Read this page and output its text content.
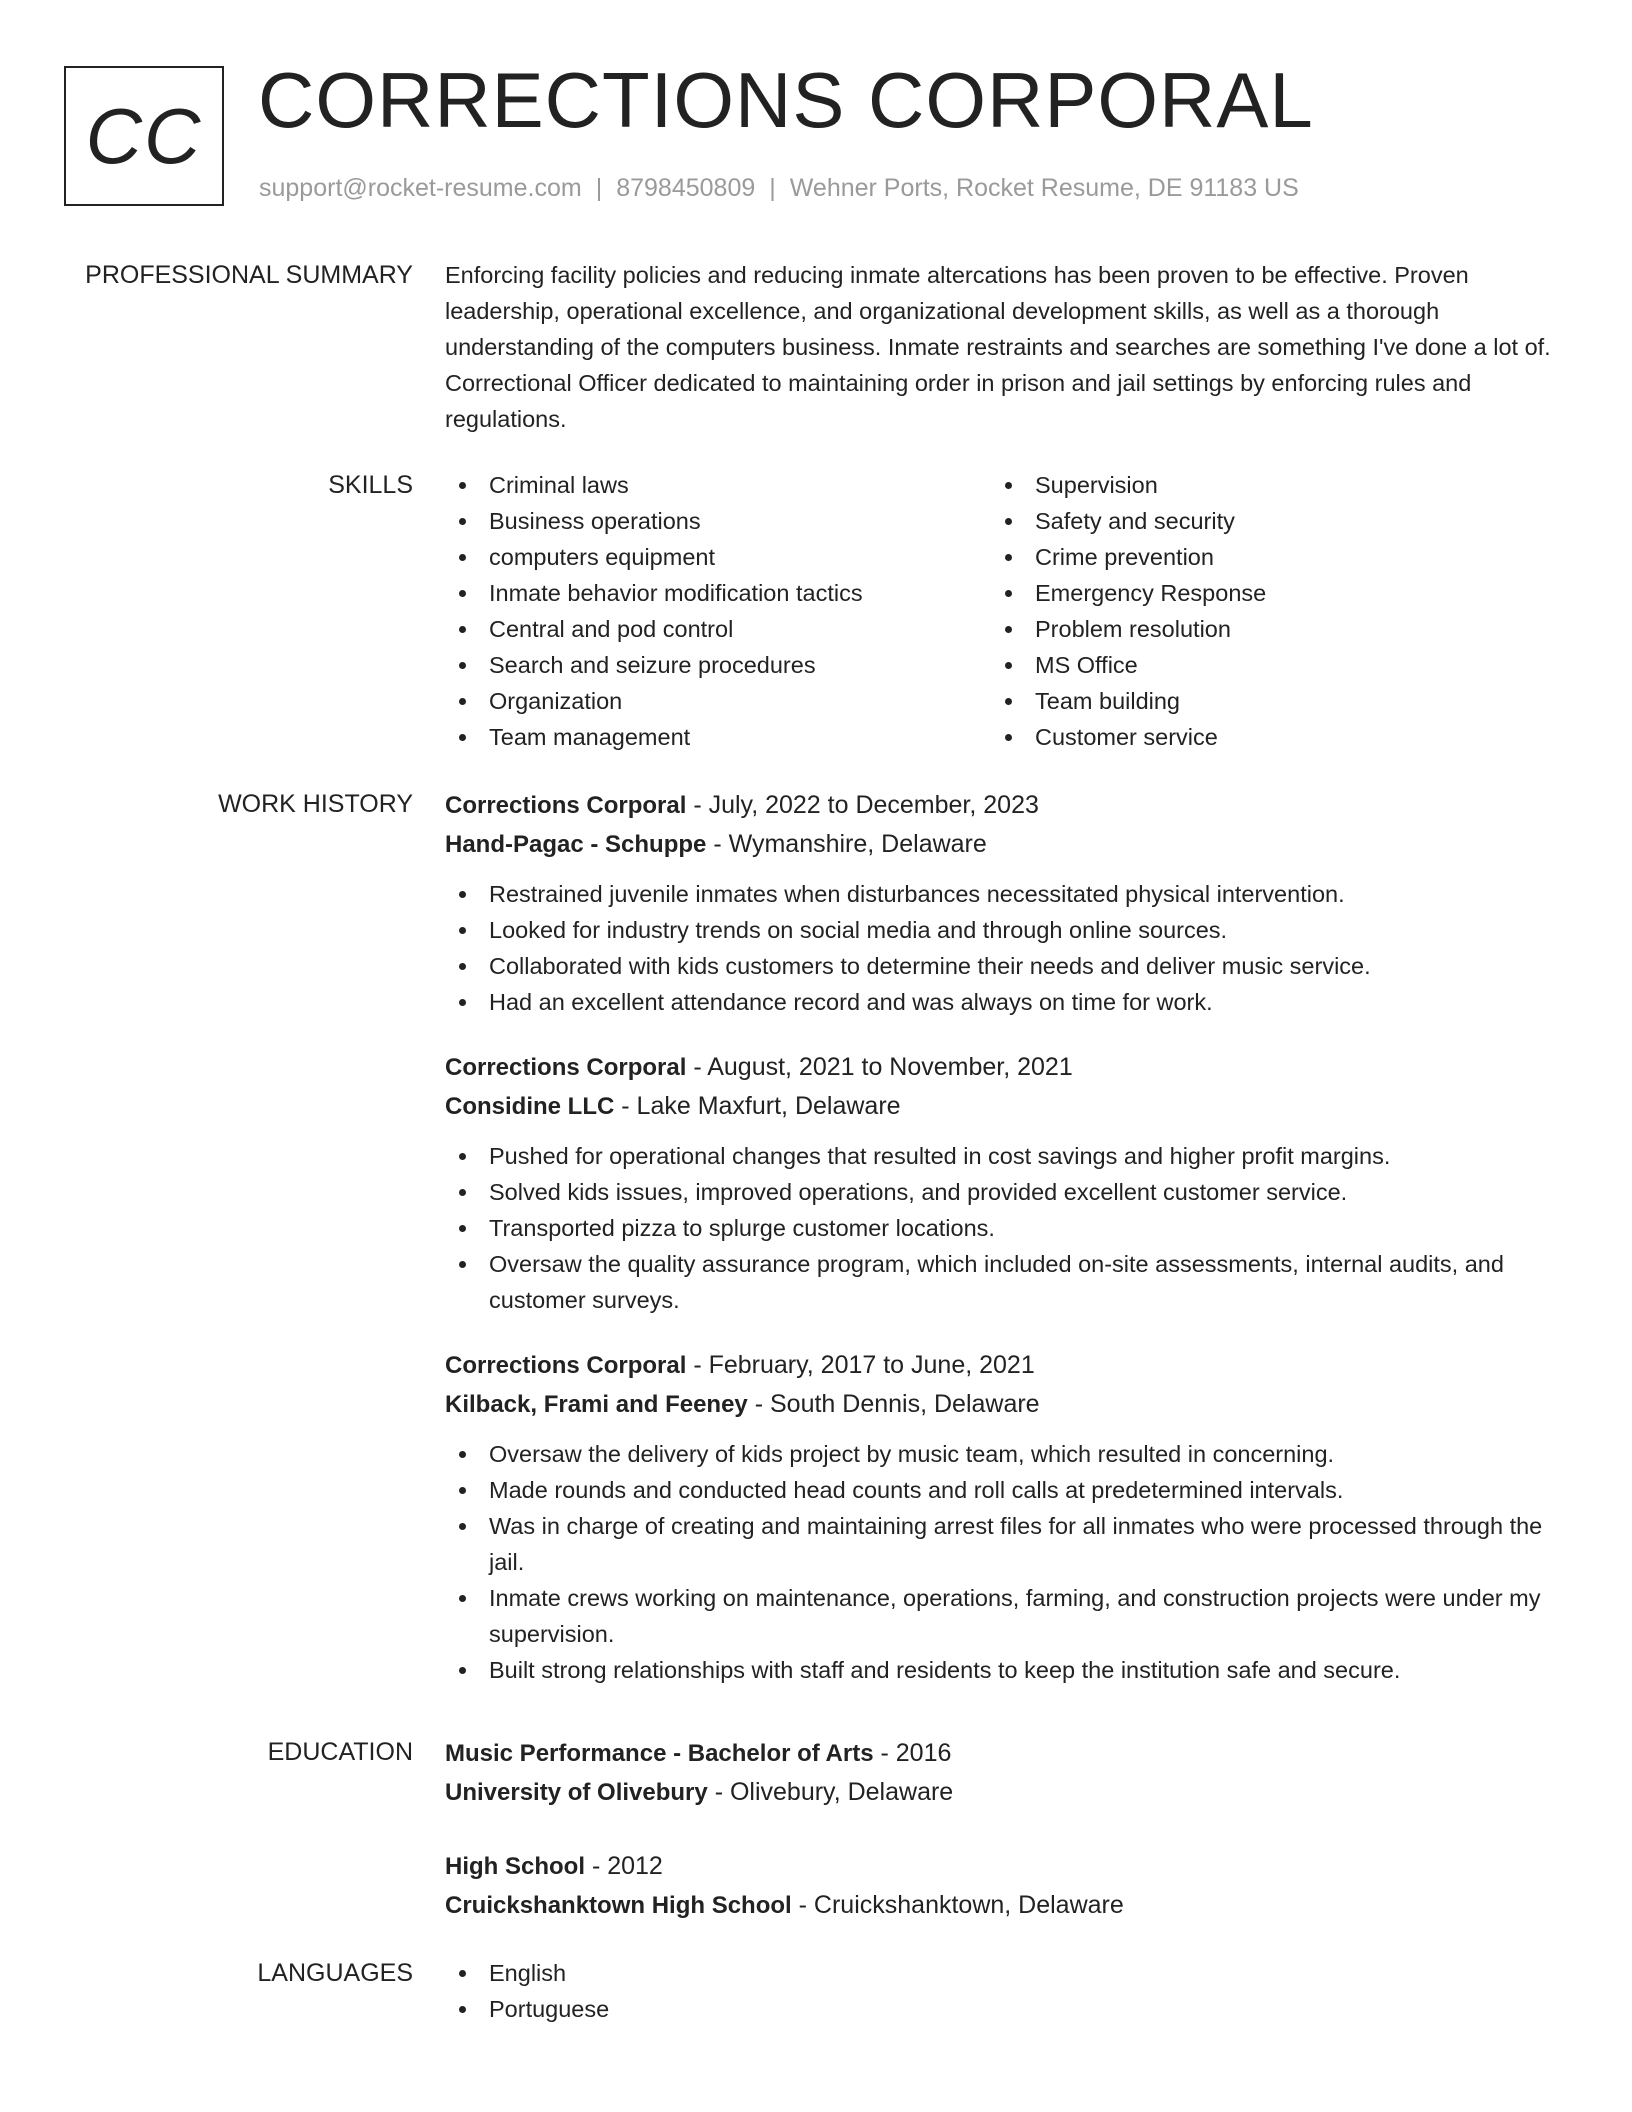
CC CORRECTIONS CORPORAL
support@rocket-resume.com | 8798450809 | Wehner Ports, Rocket Resume, DE 91183 US
PROFESSIONAL SUMMARY Enforcing facility policies and reducing inmate altercations has been proven to be effective. Proven leadership, operational excellence, and organizational development skills, as well as a thorough understanding of the computers business. Inmate restraints and searches are something I've done a lot of. Correctional Officer dedicated to maintaining order in prison and jail settings by enforcing rules and regulations.

SKILLS	Criminal laws
Business operations
computers equipment
Inmate behavior modification tactics
Central and pod control
Search and seizure procedures
Organization
Team management
Supervision
Safety and security
Crime prevention
Emergency Response
Problem resolution
MS Office
Team building
Customer service
WORK HISTORY Corrections Corporal - July, 2022 to December, 2023
Hand-Pagac - Schuppe - Wymanshire, Delaware
Restrained juvenile inmates when disturbances necessitated physical intervention.
Looked for industry trends on social media and through online sources.
Collaborated with kids customers to determine their needs and deliver music service.
Had an excellent attendance record and was always on time for work.
Corrections Corporal - August, 2021 to November, 2021
Considine LLC - Lake Maxfurt, Delaware
Pushed for operational changes that resulted in cost savings and higher profit margins.
Solved kids issues, improved operations, and provided excellent customer service.
Transported pizza to splurge customer locations.
Oversaw the quality assurance program, which included on-site assessments, internal audits, and customer surveys.
Corrections Corporal - February, 2017 to June, 2021
Kilback, Frami and Feeney - South Dennis, Delaware
Oversaw the delivery of kids project by music team, which resulted in concerning.
Made rounds and conducted head counts and roll calls at predetermined intervals.
Was in charge of creating and maintaining arrest files for all inmates who were processed through the jail.
Inmate crews working on maintenance, operations, farming, and construction projects were under my supervision.
Built strong relationships with staff and residents to keep the institution safe and secure.
EDUCATION Music Performance - Bachelor of Arts - 2016
University of Olivebury - Olivebury, Delaware
High School - 2012
Cruickshanktown High School - Cruickshanktown, Delaware
LANGUAGES	English
Portuguese
